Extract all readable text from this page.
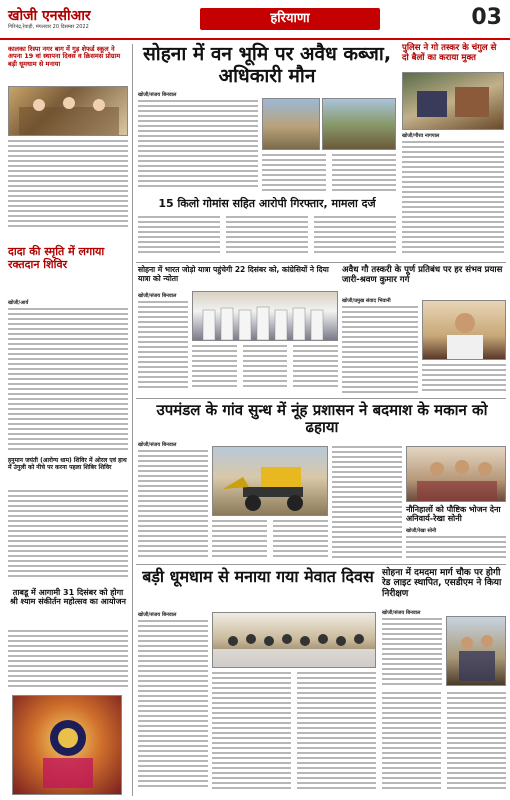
खोजी एनसीआर
गिरिनंद्र,रेवाड़ी, मंगलवार 20 दिसम्बर 2022
हरियाणा	03
कालका रिस्पा नगर बाग में गुड़ शेफर्ड स्कूल ने अपना 19 वां स्थापना दिवस व क्रिसमस प्रोग्राम बड़ी धूमधाम से मनाया
दादा की स्मृति में लगाया रक्तदान शिविर
खोजी/आर्य
हनुमान जयंती (आरोग्य धाम) शिविर में ओरल एवं हाथ में उंगुली को नीचे पर करना पहला शिबिर शिविर
ताबडू में आगामी 31 दिसंबर को होगा श्री श्याम संकीर्तन महोत्सव का आयोजन
सोहना में वन भूमि पर अवैध कब्जा, अधिकारी मौन
खोजी/संजय बिनवाल
15 किलो गोमांस सहित आरोपी गिरफ्तार, मामला दर्ज
पुलिस ने गो तस्कर के चंगुल से दो बैलों का कराया मुक्त
खोजी/गौरव नागपाल
सोहना में भारत जोड़ो यात्रा पहुंचेगी 22 दिसंबर को, कांग्रेसियों ने दिया यात्रा को न्योता
खोजी/संजय बिनवाल
अवैध गौ तस्करी के पूर्ण प्रतिबंध पर हर संभव प्रयास जारी-श्रवण कुमार गर्ग
खोजी/प्रमुख संवाद भिवानी
उपमंडल के गांव सुन्ध में नूंह प्रशासन ने बदमाश के मकान को ढहाया
खोजी/संजय बिनवाल
नौनिहालों को पौष्टिक भोजन देना अनिवार्य-रेखा सोनी
खोजी/रेखा सोनी
बड़ी धूमधाम से मनाया गया मेवात दिवस
खोजी/संजय बिनवाल
सोहना में दमदमा मार्ग चौक पर होगी रेड लाइट स्थापित, एसडीएम ने किया निरीक्षण
खोजी/संजय बिनवाल
